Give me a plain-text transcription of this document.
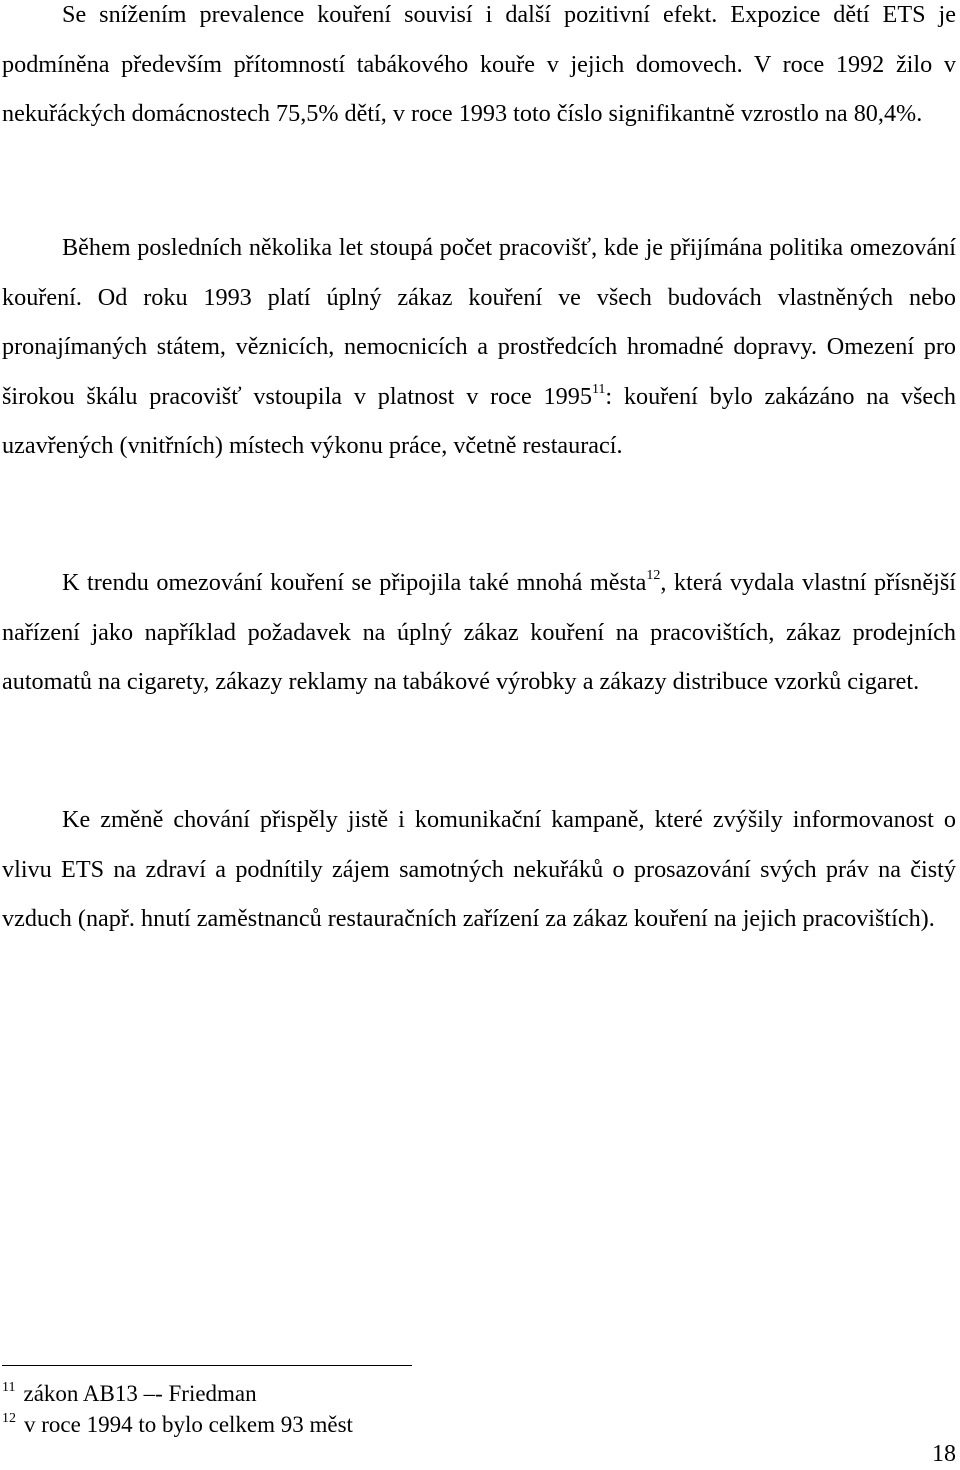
Se snížením prevalence kouření souvisí i další pozitivní efekt. Expozice dětí ETS je podmíněna především přítomností tabákového kouře v jejich domovech. V roce 1992 žilo v nekuřáckých domácnostech 75,5% dětí, v roce 1993 toto číslo signifikantně vzrostlo na 80,4%.

Během posledních několika let stoupá počet pracovišť, kde je přijímána politika omezování kouření. Od roku 1993 platí úplný zákaz kouření ve všech budovách vlastněných nebo pronajímaných státem, věznicích, nemocnicích a prostředcích hromadné dopravy. Omezení pro širokou škálu pracovišť vstoupila v platnost v roce 1995$^{11}$: kouření bylo zakázáno na všech uzavřených (vnitřních) místech výkonu práce, včetně restaurací.

K trendu omezování kouření se připojila také mnohá města$^{12}$, která vydala vlastní přísnější nařízení jako například požadavek na úplný zákaz kouření na pracovištích, zákaz prodejních automatů na cigarety, zákazy reklamy na tabákové výrobky a zákazy distribuce vzorků cigaret.

Ke změně chování přispěly jistě i komunikační kampaně, které zvýšily informovanost o vlivu ETS na zdraví a podnítily zájem samotných nekuřáků o prosazování svých práv na čistý vzduch (např. hnutí zaměstnanců restauračních zařízení za zákaz kouření na jejich pracovištích).

$^{11}$ zákon AB13 –- Friedman

$^{12}$ v roce 1994 to bylo celkem 93 měst

18
